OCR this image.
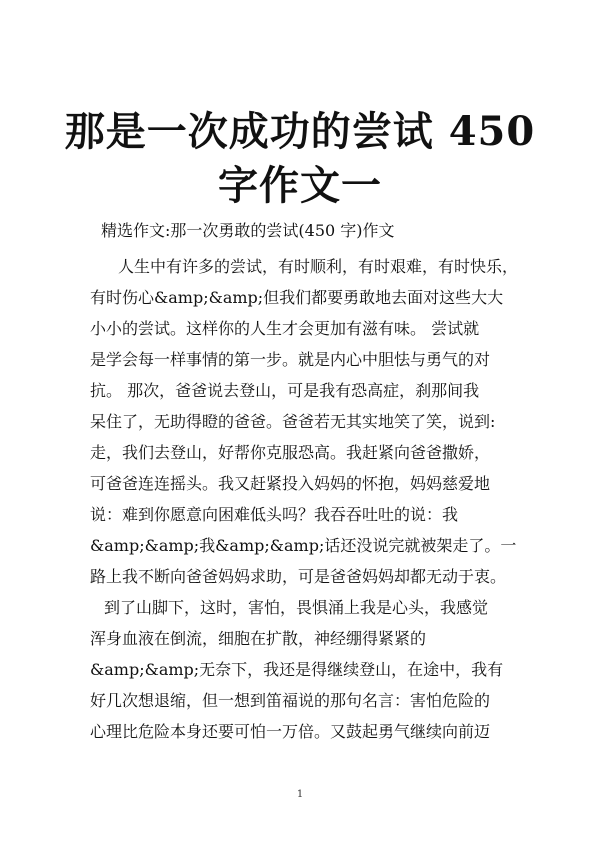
那是一次成功的尝试 450
字作文一
精选作文:那一次勇敢的尝试(450 字)作文
人生中有许多的尝试，有时顺利，有时艰难，有时快乐，
有时伤心&amp;&amp;但我们都要勇敢地去面对这些大大
小小的尝试。这样你的人生才会更加有滋有味。 尝试就
是学会每一样事情的第一步。就是内心中胆怯与勇气的对
抗。 那次，爸爸说去登山，可是我有恐高症，刹那间我
呆住了，无助得瞪的爸爸。爸爸若无其实地笑了笑，说到:
走，我们去登山，好帮你克服恐高。我赶紧向爸爸撒娇，
可爸爸连连摇头。我又赶紧投入妈妈的怀抱，妈妈慈爱地
说：难到你愿意向困难低头吗？我吞吞吐吐的说：我
&amp;&amp;我&amp;&amp;话还没说完就被架走了。一
路上我不断向爸爸妈妈求助，可是爸爸妈妈却都无动于衷。
到了山脚下，这时，害怕，畏惧涌上我是心头，我感觉
浑身血液在倒流，细胞在扩散，神经绷得紧紧的
&amp;&amp;无奈下，我还是得继续登山，在途中，我有
好几次想退缩，但一想到笛福说的那句名言：害怕危险的
心理比危险本身还要可怕一万倍。又鼓起勇气继续向前迈
1
